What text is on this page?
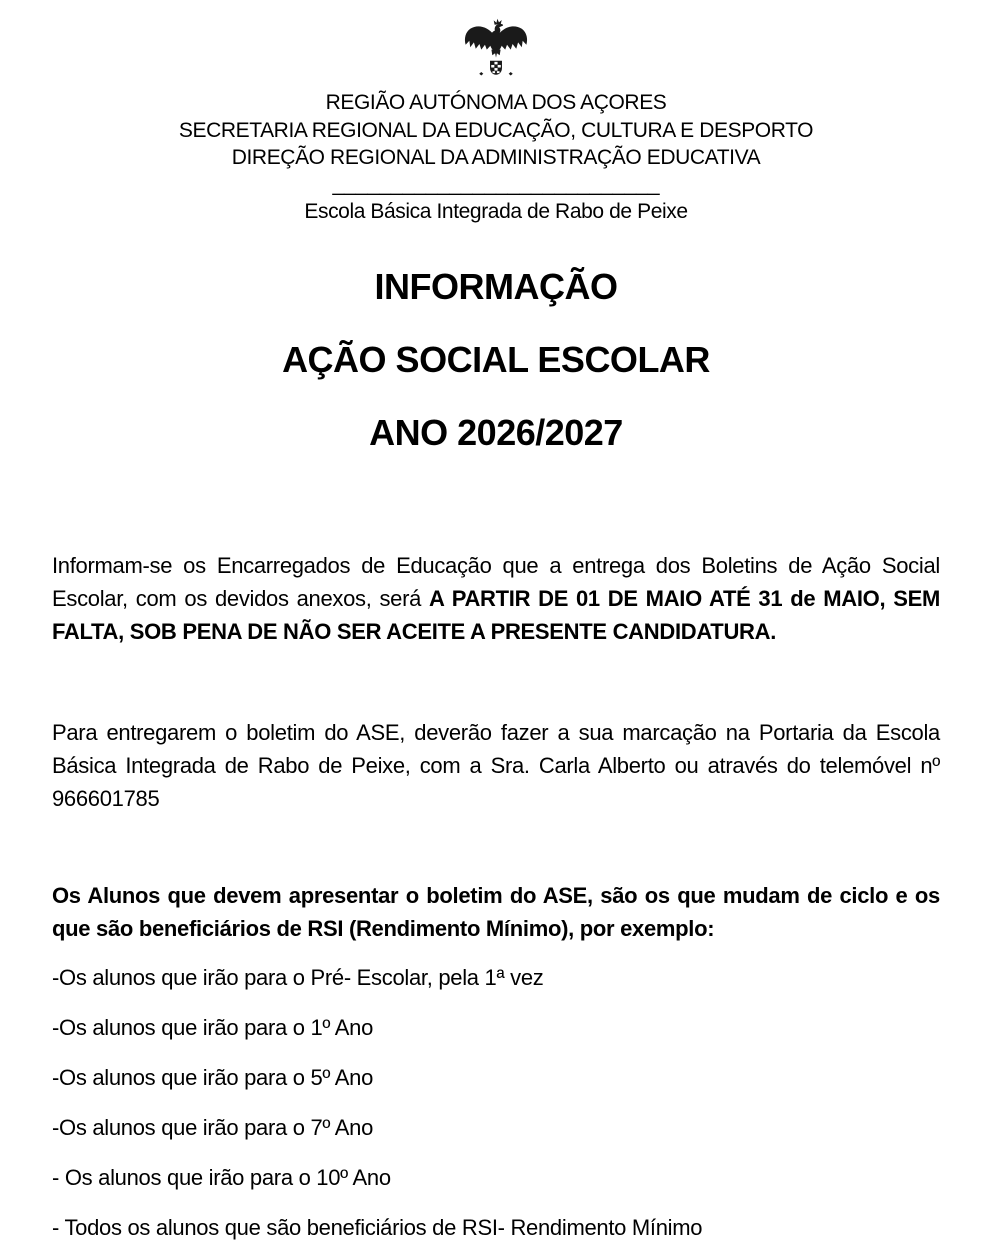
REGIÃO AUTÓNOMA DOS AÇORES
SECRETARIA REGIONAL DA EDUCAÇÃO, CULTURA E DESPORTO
DIREÇÃO REGIONAL DA ADMINISTRAÇÃO EDUCATIVA
____________________________
Escola Básica Integrada de Rabo de Peixe
INFORMAÇÃO
AÇÃO SOCIAL ESCOLAR
ANO 2026/2027

Informam-se os Encarregados de Educação que a entrega dos Boletins de Ação Social Escolar, com os devidos anexos, será A PARTIR DE 01 DE MAIO ATÉ 31 de MAIO, SEM FALTA, SOB PENA DE NÃO SER ACEITE A PRESENTE CANDIDATURA.

Para entregarem o boletim do ASE, deverão fazer a sua marcação na Portaria da Escola Básica Integrada de Rabo de Peixe, com a Sra. Carla Alberto ou através do telemóvel nº 966601785

Os Alunos que devem apresentar o boletim do ASE, são os que mudam de ciclo e os que são beneficiários de RSI (Rendimento Mínimo), por exemplo:

-Os alunos que irão para o Pré- Escolar, pela 1ª vez
-Os alunos que irão para o 1º Ano
-Os alunos que irão para o 5º Ano
-Os alunos que irão para o 7º Ano
- Os alunos que irão para o 10º Ano
- Todos os alunos que são beneficiários de RSI- Rendimento Mínimo
